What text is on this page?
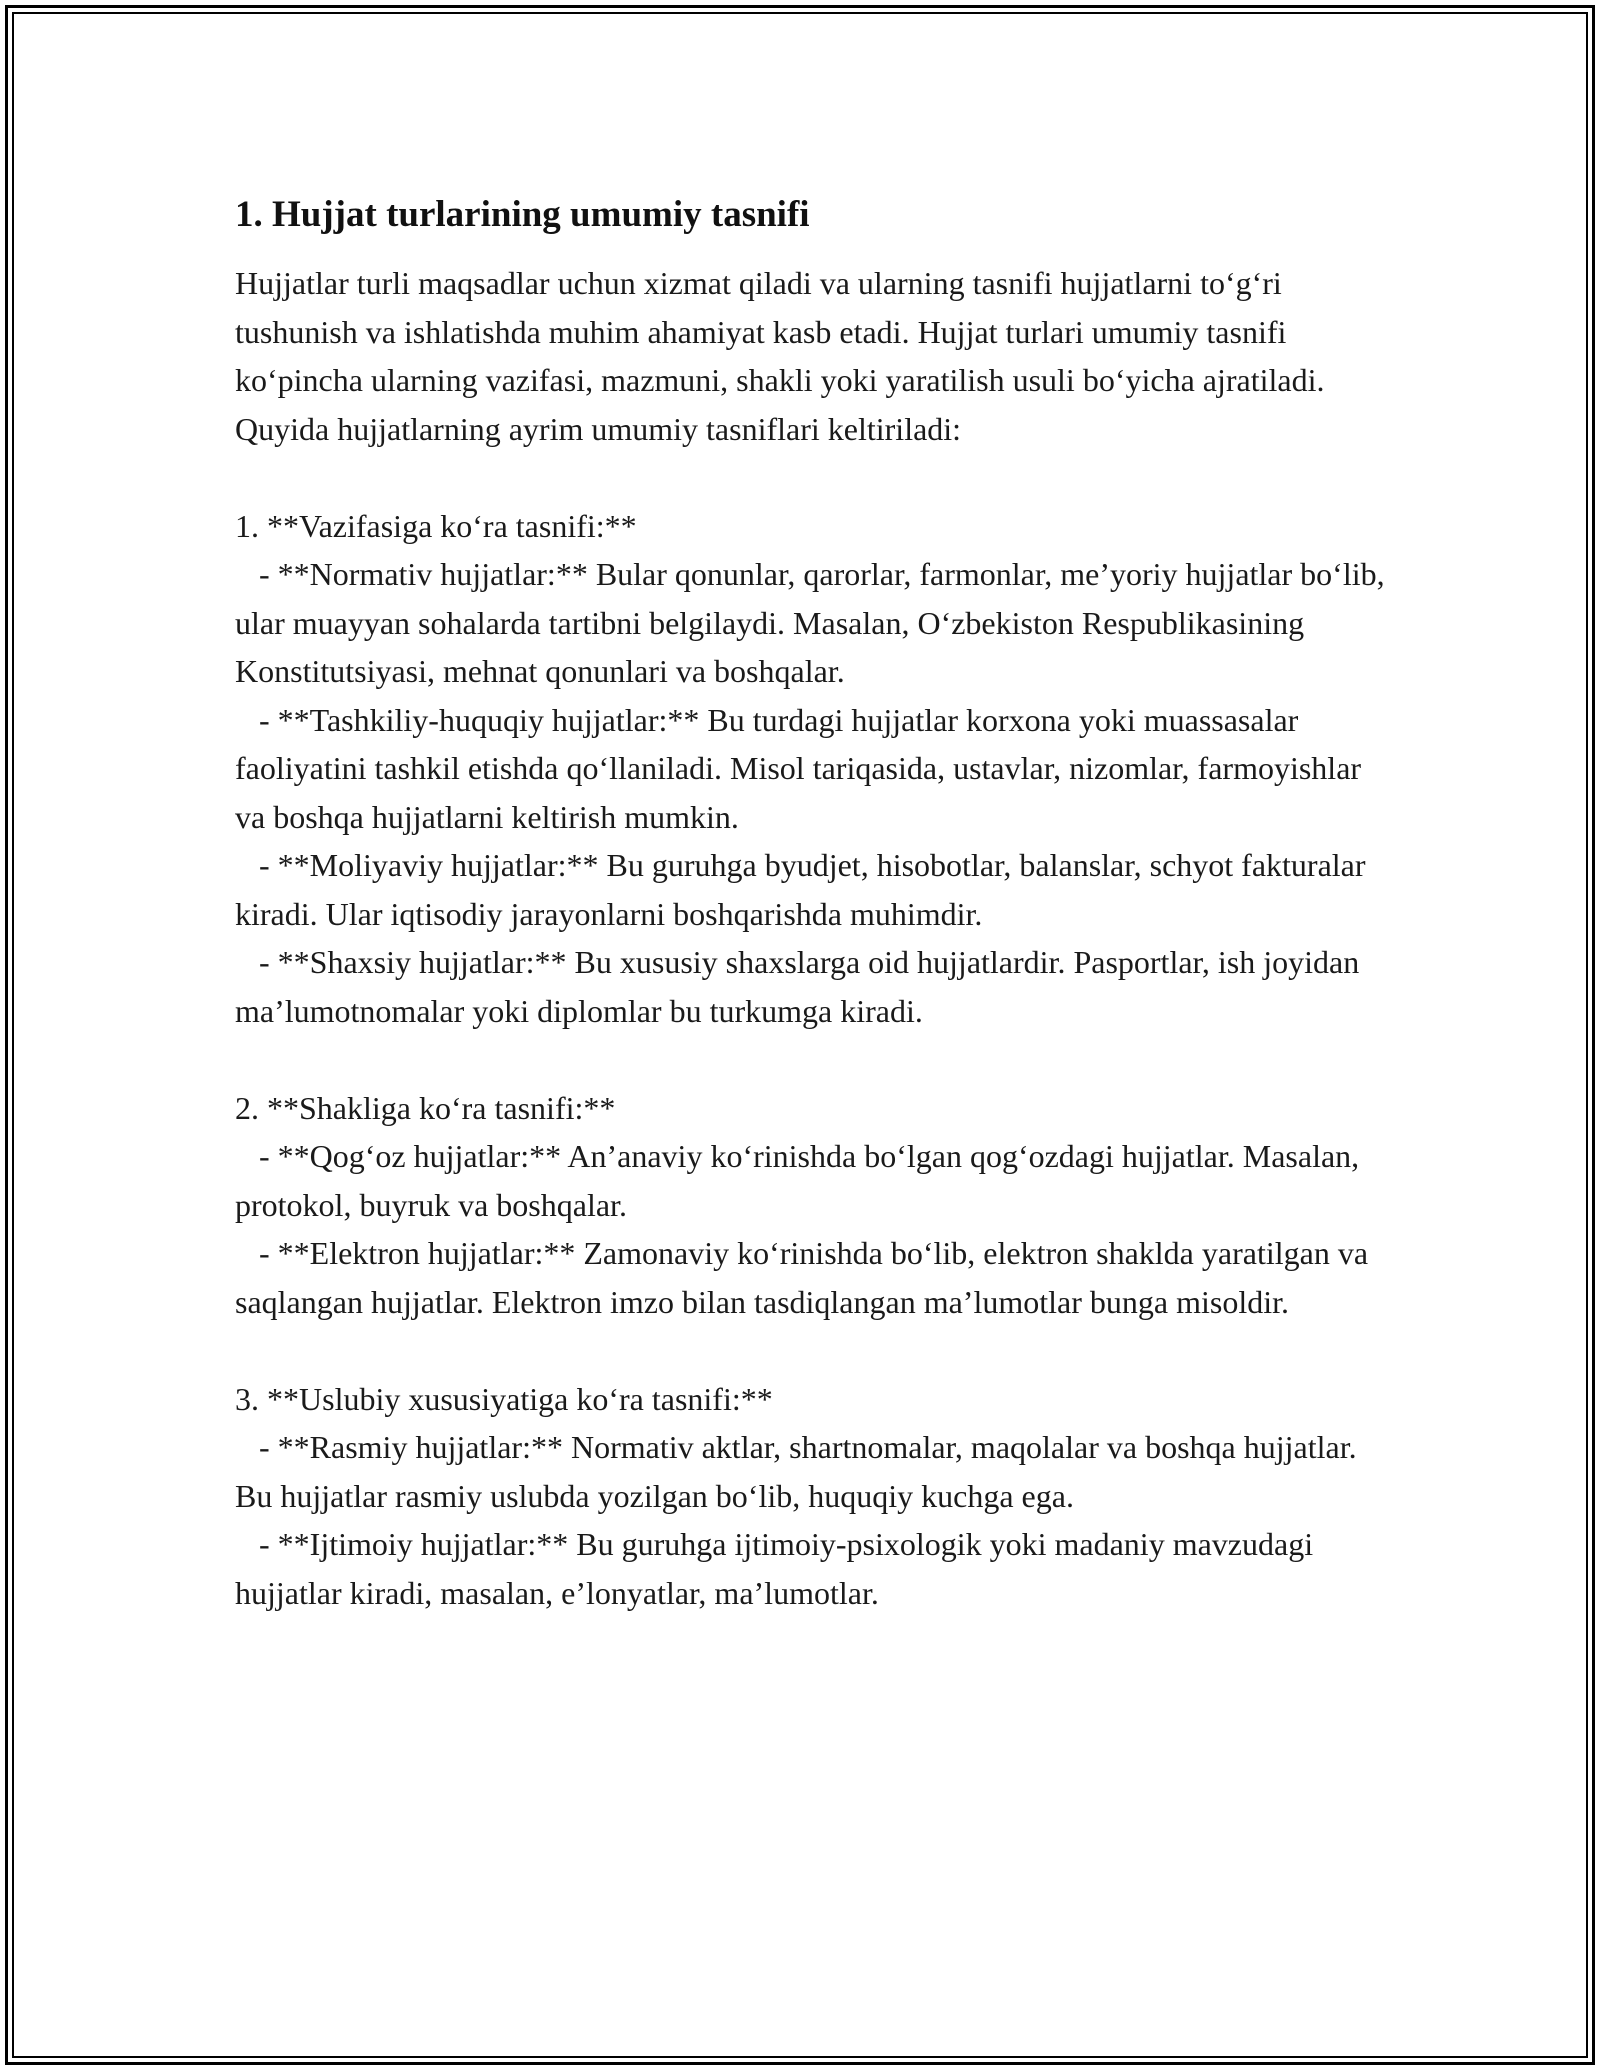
1. Hujjat turlarining umumiy tasnifi

Hujjatlar turli maqsadlar uchun xizmat qiladi va ularning tasnifi hujjatlarni to‘g‘ri tushunish va ishlatishda muhim ahamiyat kasb etadi. Hujjat turlari umumiy tasnifi ko‘pincha ularning vazifasi, mazmuni, shakli yoki yaratilish usuli bo‘yicha ajratiladi. Quyida hujjatlarning ayrim umumiy tasniflari keltiriladi:

1. **Vazifasiga ko‘ra tasnifi:**

- **Normativ hujjatlar:** Bular qonunlar, qarorlar, farmonlar, me’yoriy hujjatlar bo‘lib, ular muayyan sohalarda tartibni belgilaydi. Masalan, O‘zbekiston Respublikasining Konstitutsiyasi, mehnat qonunlari va boshqalar.

- **Tashkiliy-huquqiy hujjatlar:** Bu turdagi hujjatlar korxona yoki muassasalar faoliyatini tashkil etishda qo‘llaniladi. Misol tariqasida, ustavlar, nizomlar, farmoyishlar va boshqa hujjatlarni keltirish mumkin.

- **Moliyaviy hujjatlar:** Bu guruhga byudjet, hisobotlar, balanslar, schyot fakturalar kiradi. Ular iqtisodiy jarayonlarni boshqarishda muhimdir.

- **Shaxsiy hujjatlar:** Bu xususiy shaxslarga oid hujjatlardir. Pasportlar, ish joyidan ma’lumotnomalar yoki diplomlar bu turkumga kiradi.

2. **Shakliga ko‘ra tasnifi:**

- **Qog‘oz hujjatlar:** An’anaviy ko‘rinishda bo‘lgan qog‘ozdagi hujjatlar. Masalan, protokol, buyruk va boshqalar.

- **Elektron hujjatlar:** Zamonaviy ko‘rinishda bo‘lib, elektron shaklda yaratilgan va saqlangan hujjatlar. Elektron imzo bilan tasdiqlangan ma’lumotlar bunga misoldir.

3. **Uslubiy xususiyatiga ko‘ra tasnifi:**

- **Rasmiy hujjatlar:** Normativ aktlar, shartnomalar, maqolalar va boshqa hujjatlar. Bu hujjatlar rasmiy uslubda yozilgan bo‘lib, huquqiy kuchga ega.

- **Ijtimoiy hujjatlar:** Bu guruhga ijtimoiy-psixologik yoki madaniy mavzudagi hujjatlar kiradi, masalan, e’lonyatlar, ma’lumotlar.
